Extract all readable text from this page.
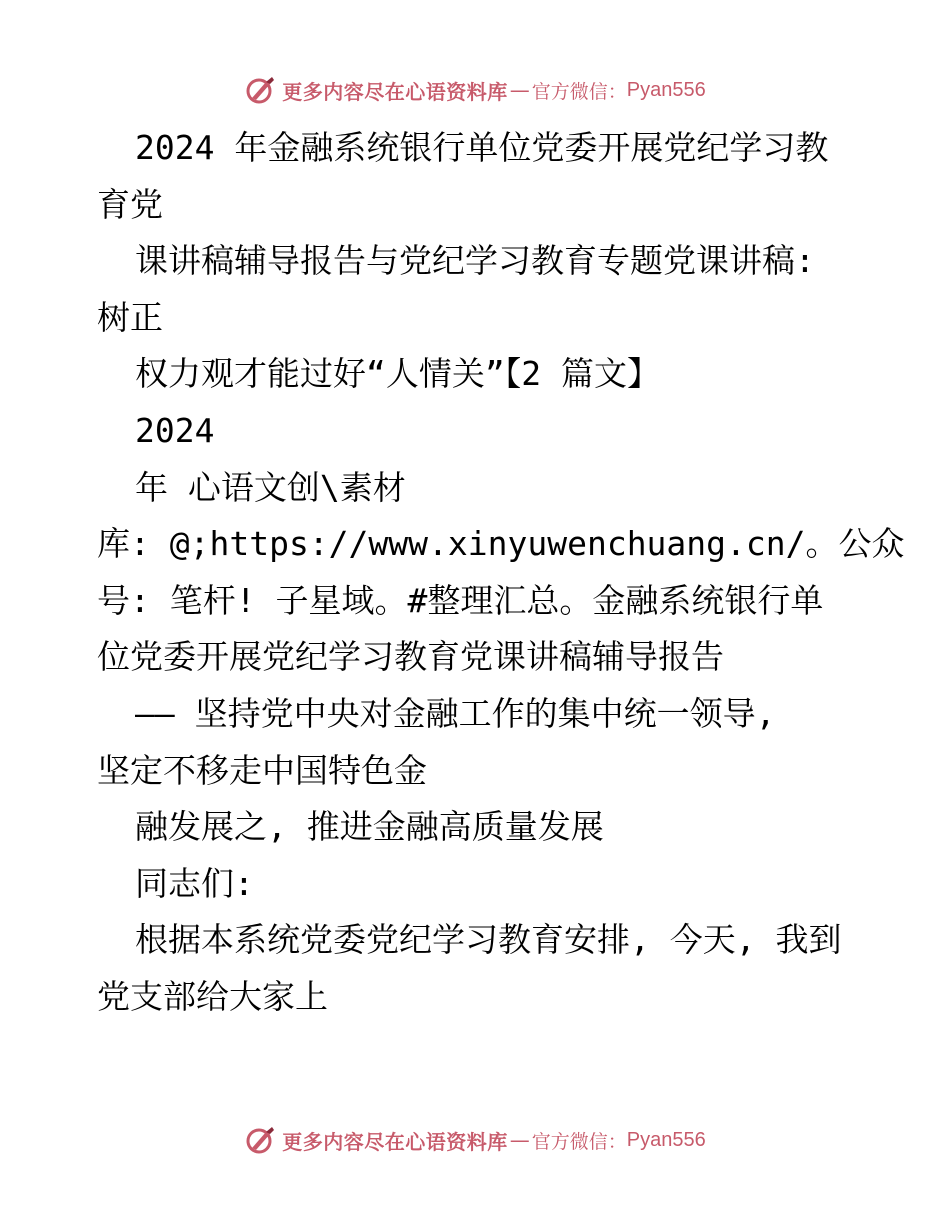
更多内容尽在心语资料库 — 官方微信： Pyan556
2024 年金融系统银行单位党委开展党纪学习教
育党
课讲稿辅导报告与党纪学习教育专题党课讲稿:
树正
权力观才能过好“人情关”【2 篇文】
2024
年 心语文创\素材
库: @;https://www.xinyuwenchuang.cn/。公众
号: 笔杆! 子星域。#整理汇总。金融系统银行单
位党委开展党纪学习教育党课讲稿辅导报告
—— 坚持党中央对金融工作的集中统一领导,
坚定不移走中国特色金
融发展之, 推进金融高质量发展
同志们:
根据本系统党委党纪学习教育安排, 今天, 我到
党支部给大家上
更多内容尽在心语资料库 — 官方微信： Pyan556
